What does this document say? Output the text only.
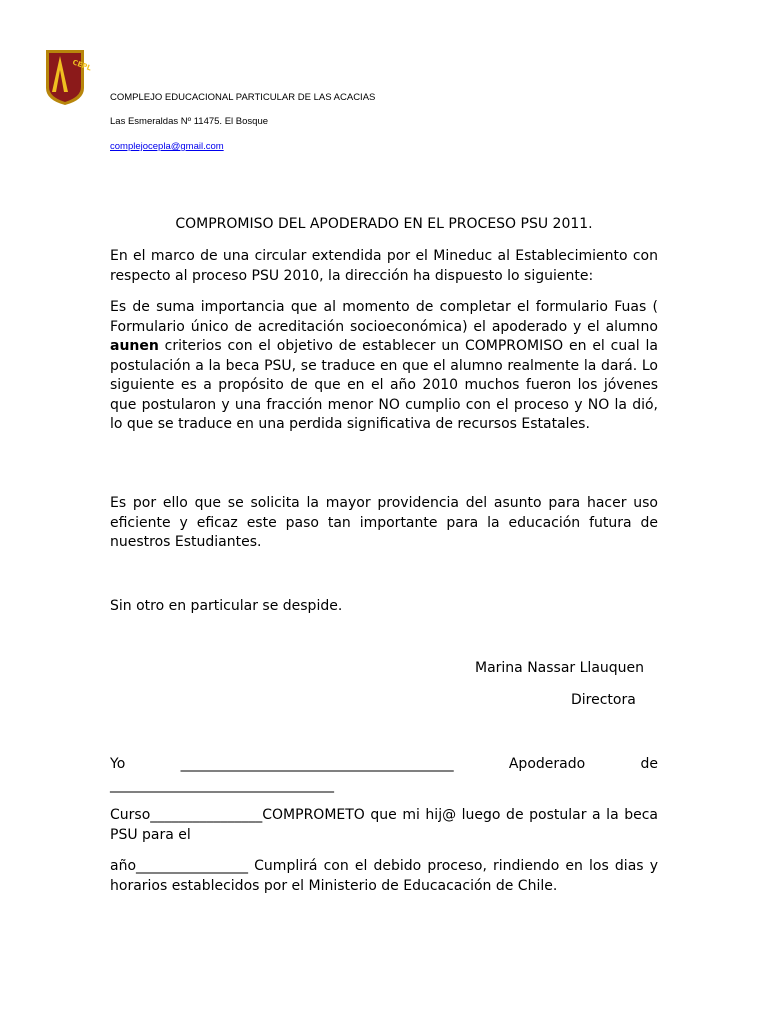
CEPL
COMPLEJO EDUCACIONAL PARTICULAR DE LAS ACACIAS
Las Esmeraldas Nº 11475. El Bosque
complejocepla@gmail.com
COMPROMISO DEL APODERADO EN EL PROCESO PSU 2011.
En el marco de una circular extendida por el Mineduc al Establecimiento con respecto al proceso PSU 2010, la dirección ha dispuesto lo siguiente:
Es de suma importancia que al momento de completar el formulario Fuas ( Formulario único de acreditación socioeconómica) el apoderado y el alumno aunen criterios con el objetivo de establecer un COMPROMISO en el cual la postulación a la beca PSU, se traduce en que el alumno realmente la dará. Lo siguiente es a propósito de que en el año 2010 muchos fueron los jóvenes que postularon y una fracción menor NO cumplio con el proceso y NO la dió, lo que se traduce en una perdida significativa de recursos Estatales.
Es por ello que se solicita la mayor providencia del asunto para hacer uso eficiente y eficaz este paso tan importante para la educación futura de nuestros Estudiantes.
Sin otro en particular se despide.
Marina Nassar Llauquen
Directora
Yo	_______________________________________	Apoderado	de
________________________________
Curso________________COMPROMETO que mi hij@ luego de postular a la beca PSU para el
año________________ Cumplirá con el debido proceso, rindiendo en los dias y horarios establecidos por el Ministerio de Educacación de Chile.
